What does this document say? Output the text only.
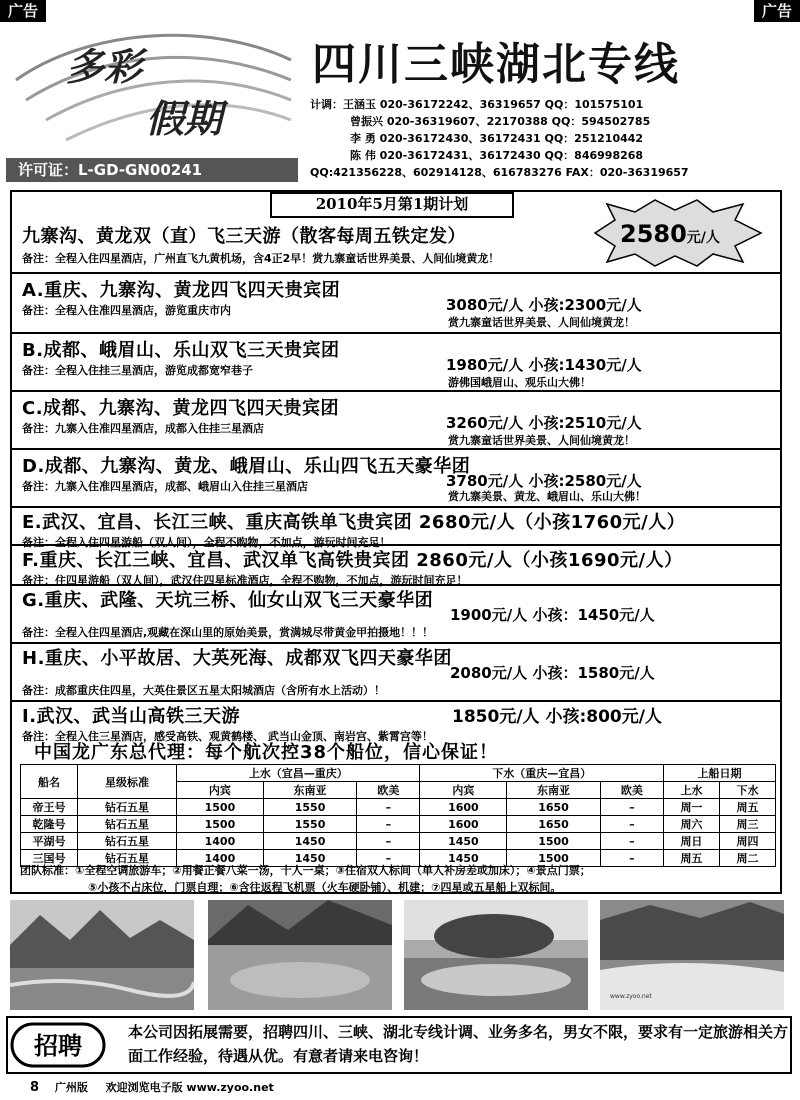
广告	广告
多彩
假期
许可证：L-GD-GN00241
四川三峡湖北专线
计调：王涵玉 020-36172242、36319657 QQ：101575101
曾振兴 020-36319607、22170388 QQ：594502785
李 勇 020-36172430、36172431 QQ：251210442
陈 伟 020-36172431、36172430 QQ：846998268
QQ:421356228、602914128、616783276 FAX：020-36319657
2010年5月第1期计划
九寨沟、黄龙双（直）飞三天游（散客每周五铁定发）
备注：全程入住四星酒店，广州直飞九黄机场，含4正2早！赏九寨童话世界美景、人间仙境黄龙！
2580元/人
A.重庆、九寨沟、黄龙四飞四天贵宾团
备注：全程入住准四星酒店，游览重庆市内	3080元/人 小孩:2300元/人
赏九寨童话世界美景、人间仙境黄龙！
B.成都、峨眉山、乐山双飞三天贵宾团
备注：全程入住挂三星酒店，游览成都宽窄巷子	1980元/人 小孩:1430元/人
游佛国峨眉山、观乐山大佛！
C.成都、九寨沟、黄龙四飞四天贵宾团
备注：九寨入住准四星酒店，成都入住挂三星酒店	3260元/人 小孩:2510元/人
赏九寨童话世界美景、人间仙境黄龙！
D.成都、九寨沟、黄龙、峨眉山、乐山四飞五天豪华团
备注：九寨入住准四星酒店，成都、峨眉山入住挂三星酒店	3780元/人 小孩:2580元/人
赏九寨美景、黄龙、峨眉山、乐山大佛！
E.武汉、宜昌、长江三峡、重庆高铁单飞贵宾团 2680元/人（小孩1760元/人）
备注：全程入住四星游船（双人间），全程不购物，不加点，游玩时间充足！
F.重庆、长江三峡、宜昌、武汉单飞高铁贵宾团 2860元/人（小孩1690元/人）
备注：住四星游船（双人间），武汉住四星标准酒店，全程不购物，不加点，游玩时间充足！
G.重庆、武隆、天坑三桥、仙女山双飞三天豪华团
1900元/人 小孩：1450元/人
备注：全程入住四星酒店,观藏在深山里的原始美景，赏满城尽带黄金甲拍摄地！！！
H.重庆、小平故居、大英死海、成都双飞四天豪华团
2080元/人 小孩：1580元/人
备注：成都重庆住四星，大英住景区五星太阳城酒店（含所有水上活动）！
I.武汉、武当山高铁三天游	1850元/人 小孩:800元/人
备注：全程入住三星酒店，感受高铁、观黄鹤楼、 武当山金顶、南岩宫、紫霄宫等！
中国龙广东总代理：每个航次控38个船位，信心保证！
船名	星级标准	上水（宜昌—重庆）			下水（重庆—宜昌）			上船日期	
		内宾	东南亚	欧美	内宾	东南亚	欧美	上水	下水
帝王号	钻石五星	1500	1550	–	1600	1650	–	周一	周五
乾隆号	钻石五星	1500	1550	–	1600	1650	–	周六	周三
平湖号	钻石五星	1400	1450	–	1450	1500	–	周日	周四
三国号	钻石五星	1400	1450	–	1450	1500	–	周五	周二
团队标准：①全程空调旅游车；②用餐正餐八菜一汤，十人一桌；③住宿双人标间（单人补房差或加床）；④景点门票；
⑤小孩不占床位，门票自理；⑥含往返程飞机票（火车硬卧铺）、机建；⑦四星或五星船上双标间。
www.zyoo.net
招聘	本公司因拓展需要，招聘四川、三峡、湖北专线计调、业务多名，男女不限，要求有一定旅游相关方面工作经验，待遇从优。有意者请来电咨询！
8 广州版 欢迎浏览电子版 www.zyoo.net
